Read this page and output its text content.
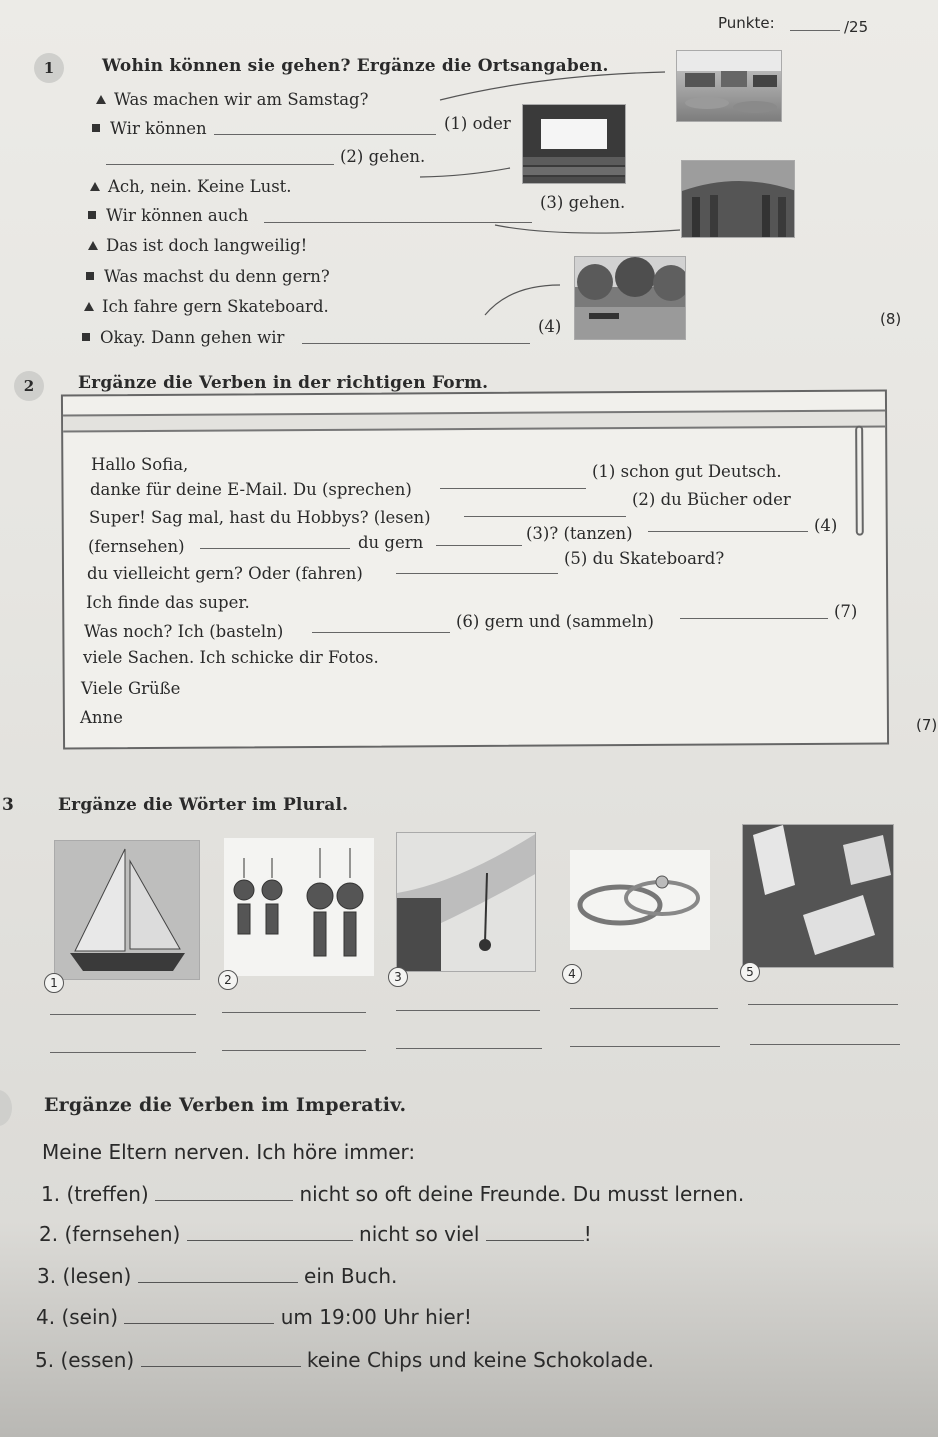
Punkte:	/25
1	Wohin können sie gehen? Ergänze die Ortsangaben.
Was machen wir am Samstag?
Wir können	(1) oder
(2) gehen.
Ach, nein. Keine Lust.
Wir können auch
(3) gehen.
Das ist doch langweilig!
Was machst du denn gern?
Ich fahre gern Skateboard.
Okay. Dann gehen wir
(4)	(8)
2	Ergänze die Verben in der richtigen Form.
Hallo Sofia,
danke für deine E-Mail. Du (sprechen)
(1) schon gut Deutsch.
Super! Sag mal, hast du Hobbys? (lesen)
(2) du Bücher oder
(fernsehen)	du gern	(3)? (tanzen)	(4)
du vielleicht gern? Oder (fahren)
(5) du Skateboard?
Ich finde das super.
Was noch? Ich (basteln)
(6) gern und (sammeln)
(7)
viele Sachen. Ich schicke dir Fotos.
Viele Grüße
Anne	(7)
3	Ergänze die Wörter im Plural.
1	2	3	4	5
Ergänze die Verben im Imperativ.
Meine Eltern nerven. Ich höre immer:
1. (treffen)	nicht so oft deine Freunde. Du musst lernen.
2. (fernsehen)	nicht so viel	!
3. (lesen)	ein Buch.
4. (sein)	um 19:00 Uhr hier!
5. (essen)	keine Chips und keine Schokolade.
